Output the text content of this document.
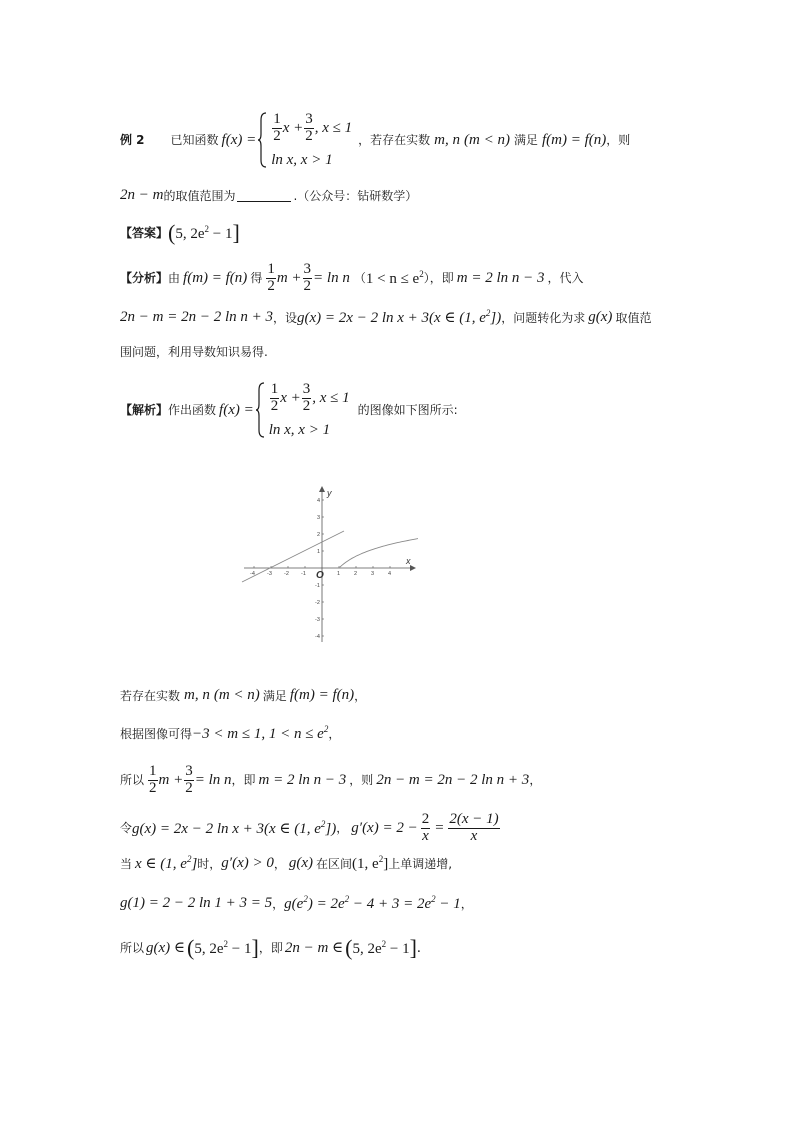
例 2 已知函数 $f(x) = \frac{1}{2}$ $x + \frac{3}{2}$ , x ≤ 1
ln x, x > 1
，若存在实数 m, n (m < n) 满足 f(m) = f(n) ，则
2n − m 的取值范围为	.（公众号：钻研数学）
【答案】 ( 5, $2e^2 - 1$ ]
【分析】 由 f(m) = f(n) 得 $\frac{1}{2}$ $m + \frac{3}{2} = \ln n$ （ $1 < n \le e^2$ ），即 m = 2 ln n − 3 ，代入
2n − m = 2n − 2 ln n + 3 ，设 g(x) = 2x − 2 ln x + 3(x ∈ (1, $e^2$]) ，问题转化为求 g(x) 取值范
围问题，利用导数知识易得.
【解析】 作出函数 $f(x) = \frac{1}{2}$ $x + \frac{3}{2}$ , x ≤ 1
ln x, x > 1
的图像如下图所示:
-4 -3 -2 -1	1	2	3	4
4
3
2
1
-1
-2
-3
-4
x
y
O
若存在实数 m, n (m < n) 满足 f(m) = f(n) ，
根据图像可得 −3 < m ≤ 1, $1 < n \le e^2$ ，
所以 $\frac{1}{2}$ $m + \frac{3}{2} = \ln n$ ，即 m = 2 ln n − 3 ，则 2n − m = 2n − 2 ln n + 3 ，
令 g(x) = 2x − 2 ln x + 3(x ∈ (1, $e^2$]) ， $g'(x) = 2 - \frac{2}{x} = \frac{2(x - 1)}{x}$
当 x ∈ (1, $e^2$] 时， g′(x) > 0 ， g(x) 在区间 (1, $e^2$] 上单调递增,
g(1) = 2 − 2 ln 1 + 3 = 5 ， $g(e^2) = 2e^2 - 4 + 3 = 2e^2 - 1$ ，
所以 g(x) ∈ ( 5, $2e^2 - 1$ ] ，即 2n − m ∈ ( 5, $2e^2 - 1$ ] .
